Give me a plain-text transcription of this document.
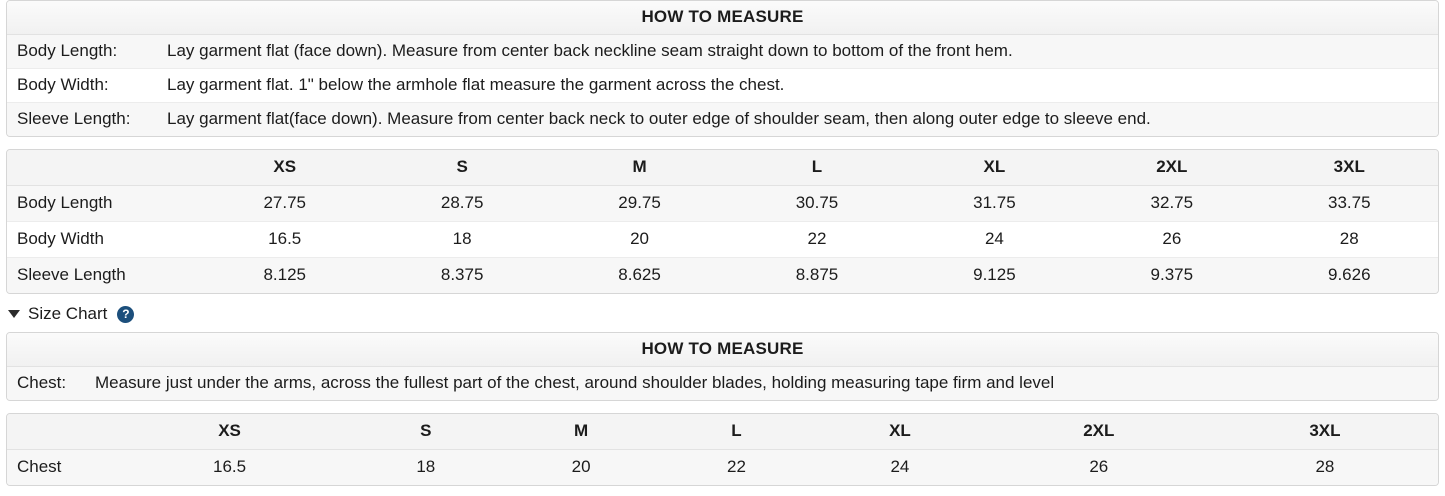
HOW TO MEASURE
Body Length:	Lay garment flat (face down). Measure from center back neckline seam straight down to bottom of the front hem.
Body Width:	Lay garment flat. 1" below the armhole flat measure the garment across the chest.
Sleeve Length:	Lay garment flat(face down). Measure from center back neck to outer edge of shoulder seam, then along outer edge to sleeve end.
	XS	S	M	L	XL	2XL	3XL
Body Length	27.75	28.75	29.75	30.75	31.75	32.75	33.75
Body Width	16.5	18	20	22	24	26	28
Sleeve Length	8.125	8.375	8.625	8.875	9.125	9.375	9.626
Size Chart	?
HOW TO MEASURE
Chest:	Measure just under the arms, across the fullest part of the chest, around shoulder blades, holding measuring tape firm and level
	XS	S	M	L	XL	2XL	3XL
Chest	16.5	18	20	22	24	26	28
